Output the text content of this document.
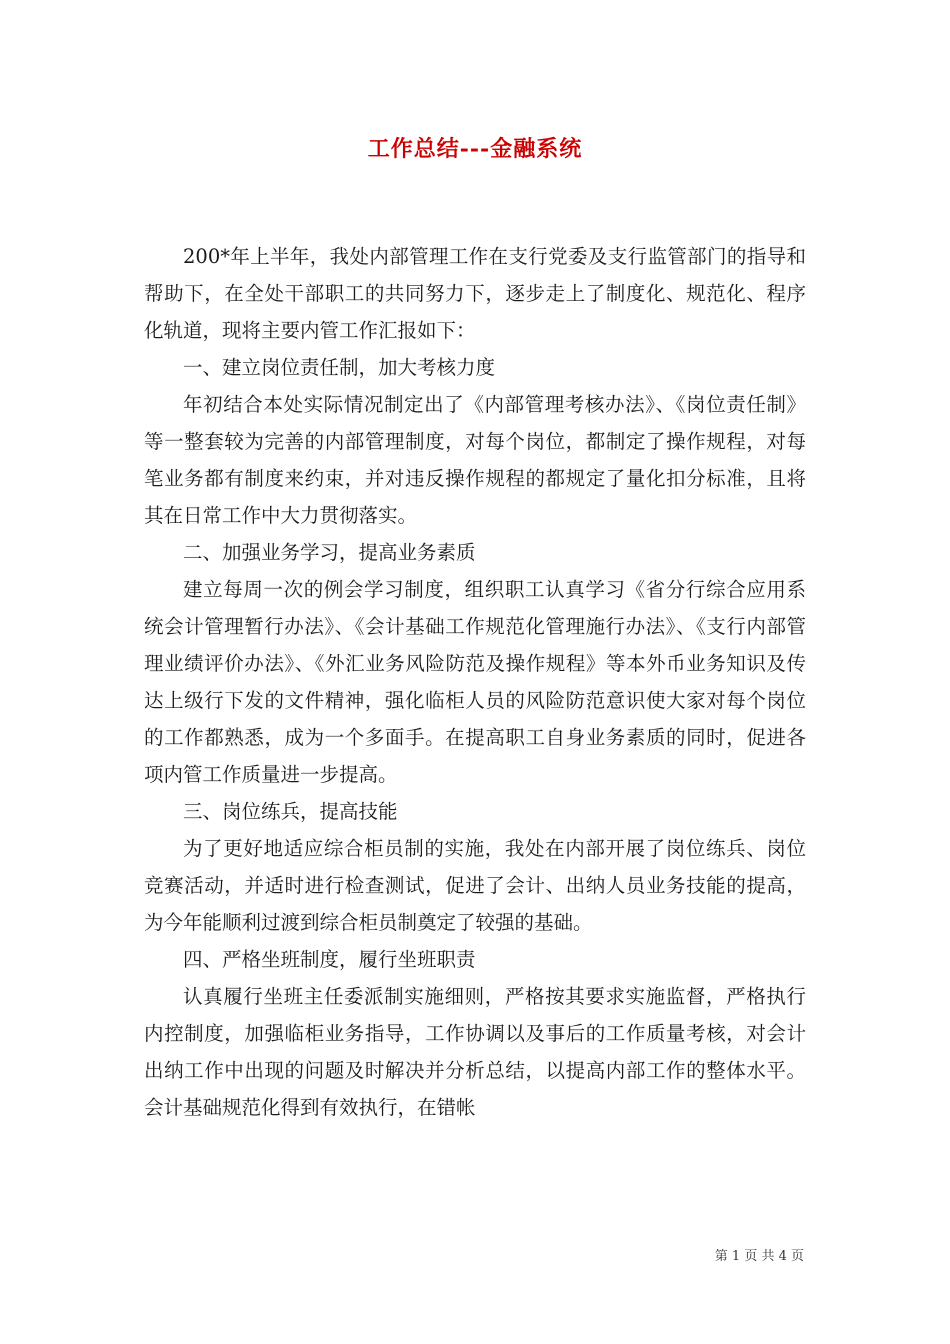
工作总结---金融系统

200*年上半年，我处内部管理工作在支行党委及支行监管部门的指导和帮助下，在全处干部职工的共同努力下，逐步走上了制度化、规范化、程序化轨道，现将主要内管工作汇报如下：

一、建立岗位责任制，加大考核力度

年初结合本处实际情况制定出了《内部管理考核办法》、《岗位责任制》等一整套较为完善的内部管理制度，对每个岗位，都制定了操作规程，对每笔业务都有制度来约束，并对违反操作规程的都规定了量化扣分标准，且将其在日常工作中大力贯彻落实。

二、加强业务学习，提高业务素质

建立每周一次的例会学习制度，组织职工认真学习《省分行综合应用系统会计管理暂行办法》、《会计基础工作规范化管理施行办法》、《支行内部管理业绩评价办法》、《外汇业务风险防范及操作规程》等本外币业务知识及传达上级行下发的文件精神，强化临柜人员的风险防范意识使大家对每个岗位的工作都熟悉，成为一个多面手。在提高职工自身业务素质的同时，促进各项内管工作质量进一步提高。

三、岗位练兵，提高技能

为了更好地适应综合柜员制的实施，我处在内部开展了岗位练兵、岗位竞赛活动，并适时进行检查测试，促进了会计、出纳人员业务技能的提高，为今年能顺利过渡到综合柜员制奠定了较强的基础。

四、严格坐班制度，履行坐班职责

认真履行坐班主任委派制实施细则，严格按其要求实施监督，严格执行内控制度，加强临柜业务指导，工作协调以及事后的工作质量考核，对会计出纳工作中出现的问题及时解决并分析总结，以提高内部工作的整体水平。会计基础规范化得到有效执行，在错帐

第 1 页 共 4 页
